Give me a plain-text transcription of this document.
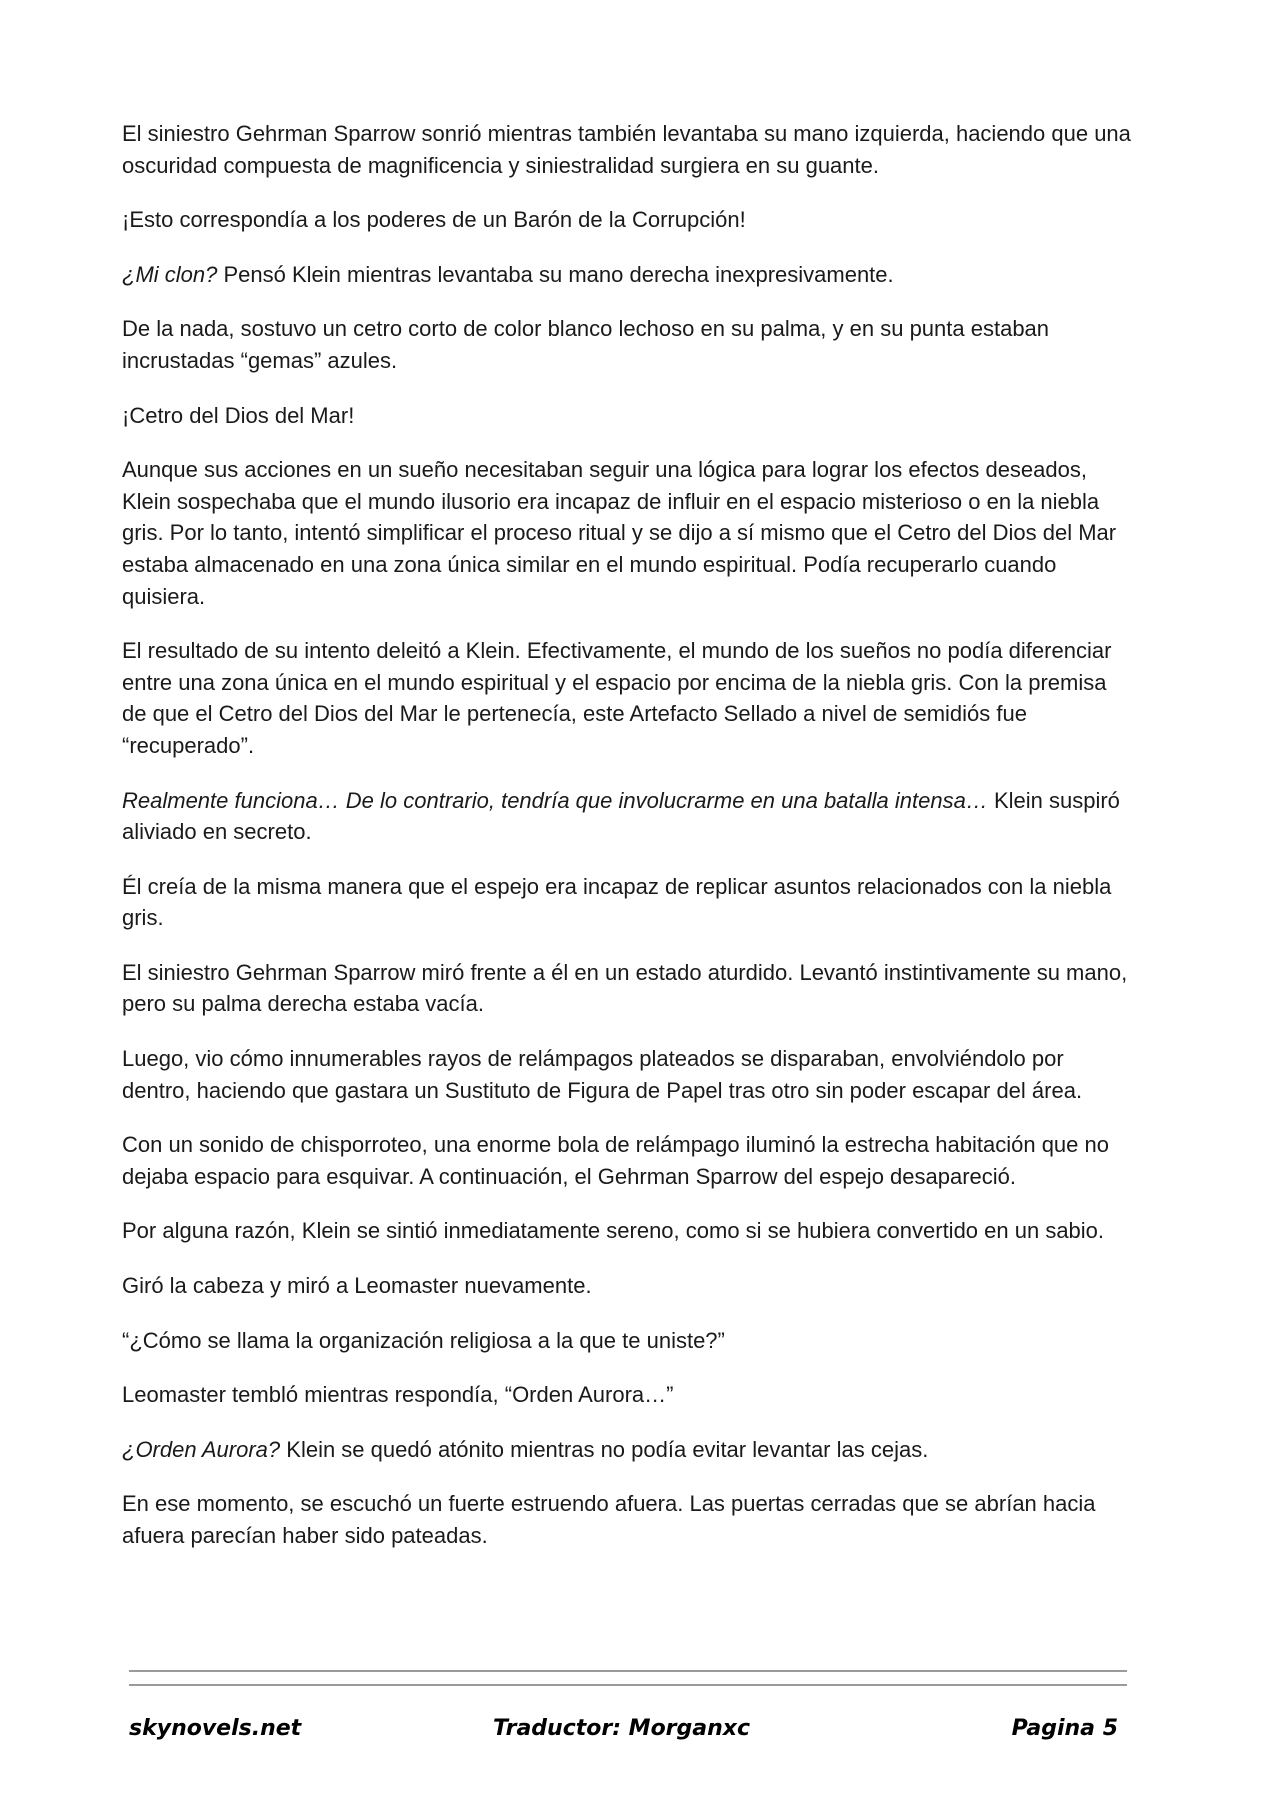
El siniestro Gehrman Sparrow sonrió mientras también levantaba su mano izquierda, haciendo que una oscuridad compuesta de magnificencia y siniestralidad surgiera en su guante.

¡Esto correspondía a los poderes de un Barón de la Corrupción!

¿Mi clon? Pensó Klein mientras levantaba su mano derecha inexpresivamente.

De la nada, sostuvo un cetro corto de color blanco lechoso en su palma, y en su punta estaban incrustadas “gemas” azules.

¡Cetro del Dios del Mar!

Aunque sus acciones en un sueño necesitaban seguir una lógica para lograr los efectos deseados, Klein sospechaba que el mundo ilusorio era incapaz de influir en el espacio misterioso o en la niebla gris. Por lo tanto, intentó simplificar el proceso ritual y se dijo a sí mismo que el Cetro del Dios del Mar estaba almacenado en una zona única similar en el mundo espiritual. Podía recuperarlo cuando quisiera.

El resultado de su intento deleitó a Klein. Efectivamente, el mundo de los sueños no podía diferenciar entre una zona única en el mundo espiritual y el espacio por encima de la niebla gris. Con la premisa de que el Cetro del Dios del Mar le pertenecía, este Artefacto Sellado a nivel de semidiós fue “recuperado”.

Realmente funciona… De lo contrario, tendría que involucrarme en una batalla intensa… Klein suspiró aliviado en secreto.

Él creía de la misma manera que el espejo era incapaz de replicar asuntos relacionados con la niebla gris.

El siniestro Gehrman Sparrow miró frente a él en un estado aturdido. Levantó instintivamente su mano, pero su palma derecha estaba vacía.

Luego, vio cómo innumerables rayos de relámpagos plateados se disparaban, envolviéndolo por dentro, haciendo que gastara un Sustituto de Figura de Papel tras otro sin poder escapar del área.

Con un sonido de chisporroteo, una enorme bola de relámpago iluminó la estrecha habitación que no dejaba espacio para esquivar. A continuación, el Gehrman Sparrow del espejo desapareció.

Por alguna razón, Klein se sintió inmediatamente sereno, como si se hubiera convertido en un sabio.

Giró la cabeza y miró a Leomaster nuevamente.

“¿Cómo se llama la organización religiosa a la que te uniste?”

Leomaster tembló mientras respondía, “Orden Aurora…”

¿Orden Aurora? Klein se quedó atónito mientras no podía evitar levantar las cejas.

En ese momento, se escuchó un fuerte estruendo afuera. Las puertas cerradas que se abrían hacia afuera parecían haber sido pateadas.

skynovels.net	Traductor: Morganxc	Pagina 5
